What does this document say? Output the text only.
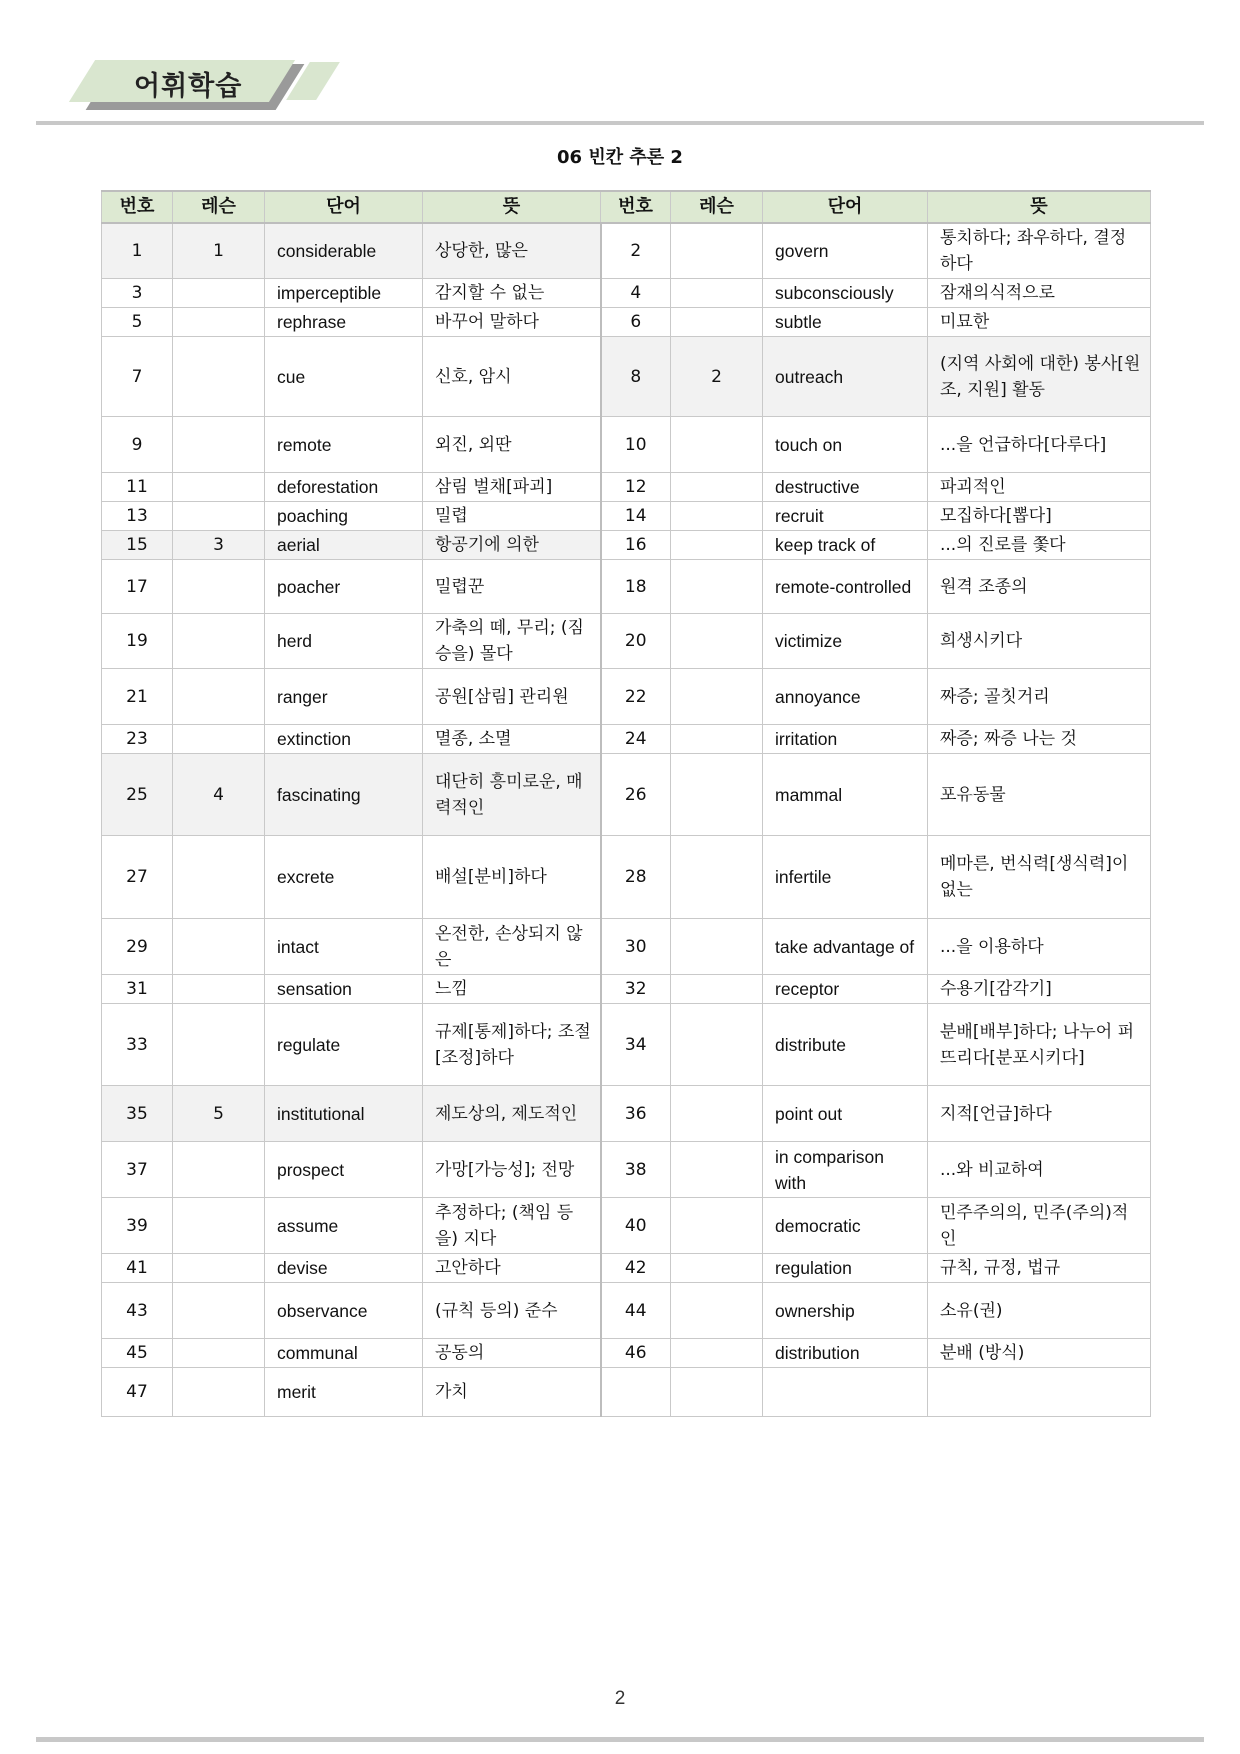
어휘학습
06 빈칸 추론 2
번호	레슨	단어	뜻	번호	레슨	단어	뜻
1	1	considerable	상당한, 많은	2		govern	통치하다; 좌우하다, 결정하다
3		imperceptible	감지할 수 없는	4		subconsciously	잠재의식적으로
5		rephrase	바꾸어 말하다	6		subtle	미묘한
7		cue	신호, 암시	8	2	outreach	(지역 사회에 대한) 봉사[원조, 지원] 활동
9		remote	외진, 외딴	10		touch on	...을 언급하다[다루다]
11		deforestation	삼림 벌채[파괴]	12		destructive	파괴적인
13		poaching	밀렵	14		recruit	모집하다[뽑다]
15	3	aerial	항공기에 의한	16		keep track of	...의 진로를 쫓다
17		poacher	밀렵꾼	18		remote-controlled	원격 조종의
19		herd	가축의 떼, 무리; (짐승을) 몰다	20		victimize	희생시키다
21		ranger	공원[삼림] 관리원	22		annoyance	짜증; 골칫거리
23		extinction	멸종, 소멸	24		irritation	짜증; 짜증 나는 것
25	4	fascinating	대단히 흥미로운, 매력적인	26		mammal	포유동물
27		excrete	배설[분비]하다	28		infertile	메마른, 번식력[생식력]이 없는
29		intact	온전한, 손상되지 않은	30		take advantage of	...을 이용하다
31		sensation	느낌	32		receptor	수용기[감각기]
33		regulate	규제[통제]하다; 조절[조정]하다	34		distribute	분배[배부]하다; 나누어 퍼뜨리다[분포시키다]
35	5	institutional	제도상의, 제도적인	36		point out	지적[언급]하다
37		prospect	가망[가능성]; 전망	38		in comparison with	...와 비교하여
39		assume	추정하다; (책임 등을) 지다	40		democratic	민주주의의, 민주(주의)적인
41		devise	고안하다	42		regulation	규칙, 규정, 법규
43		observance	(규칙 등의) 준수	44		ownership	소유(권)
45		communal	공동의	46		distribution	분배 (방식)
47		merit	가치				
2
